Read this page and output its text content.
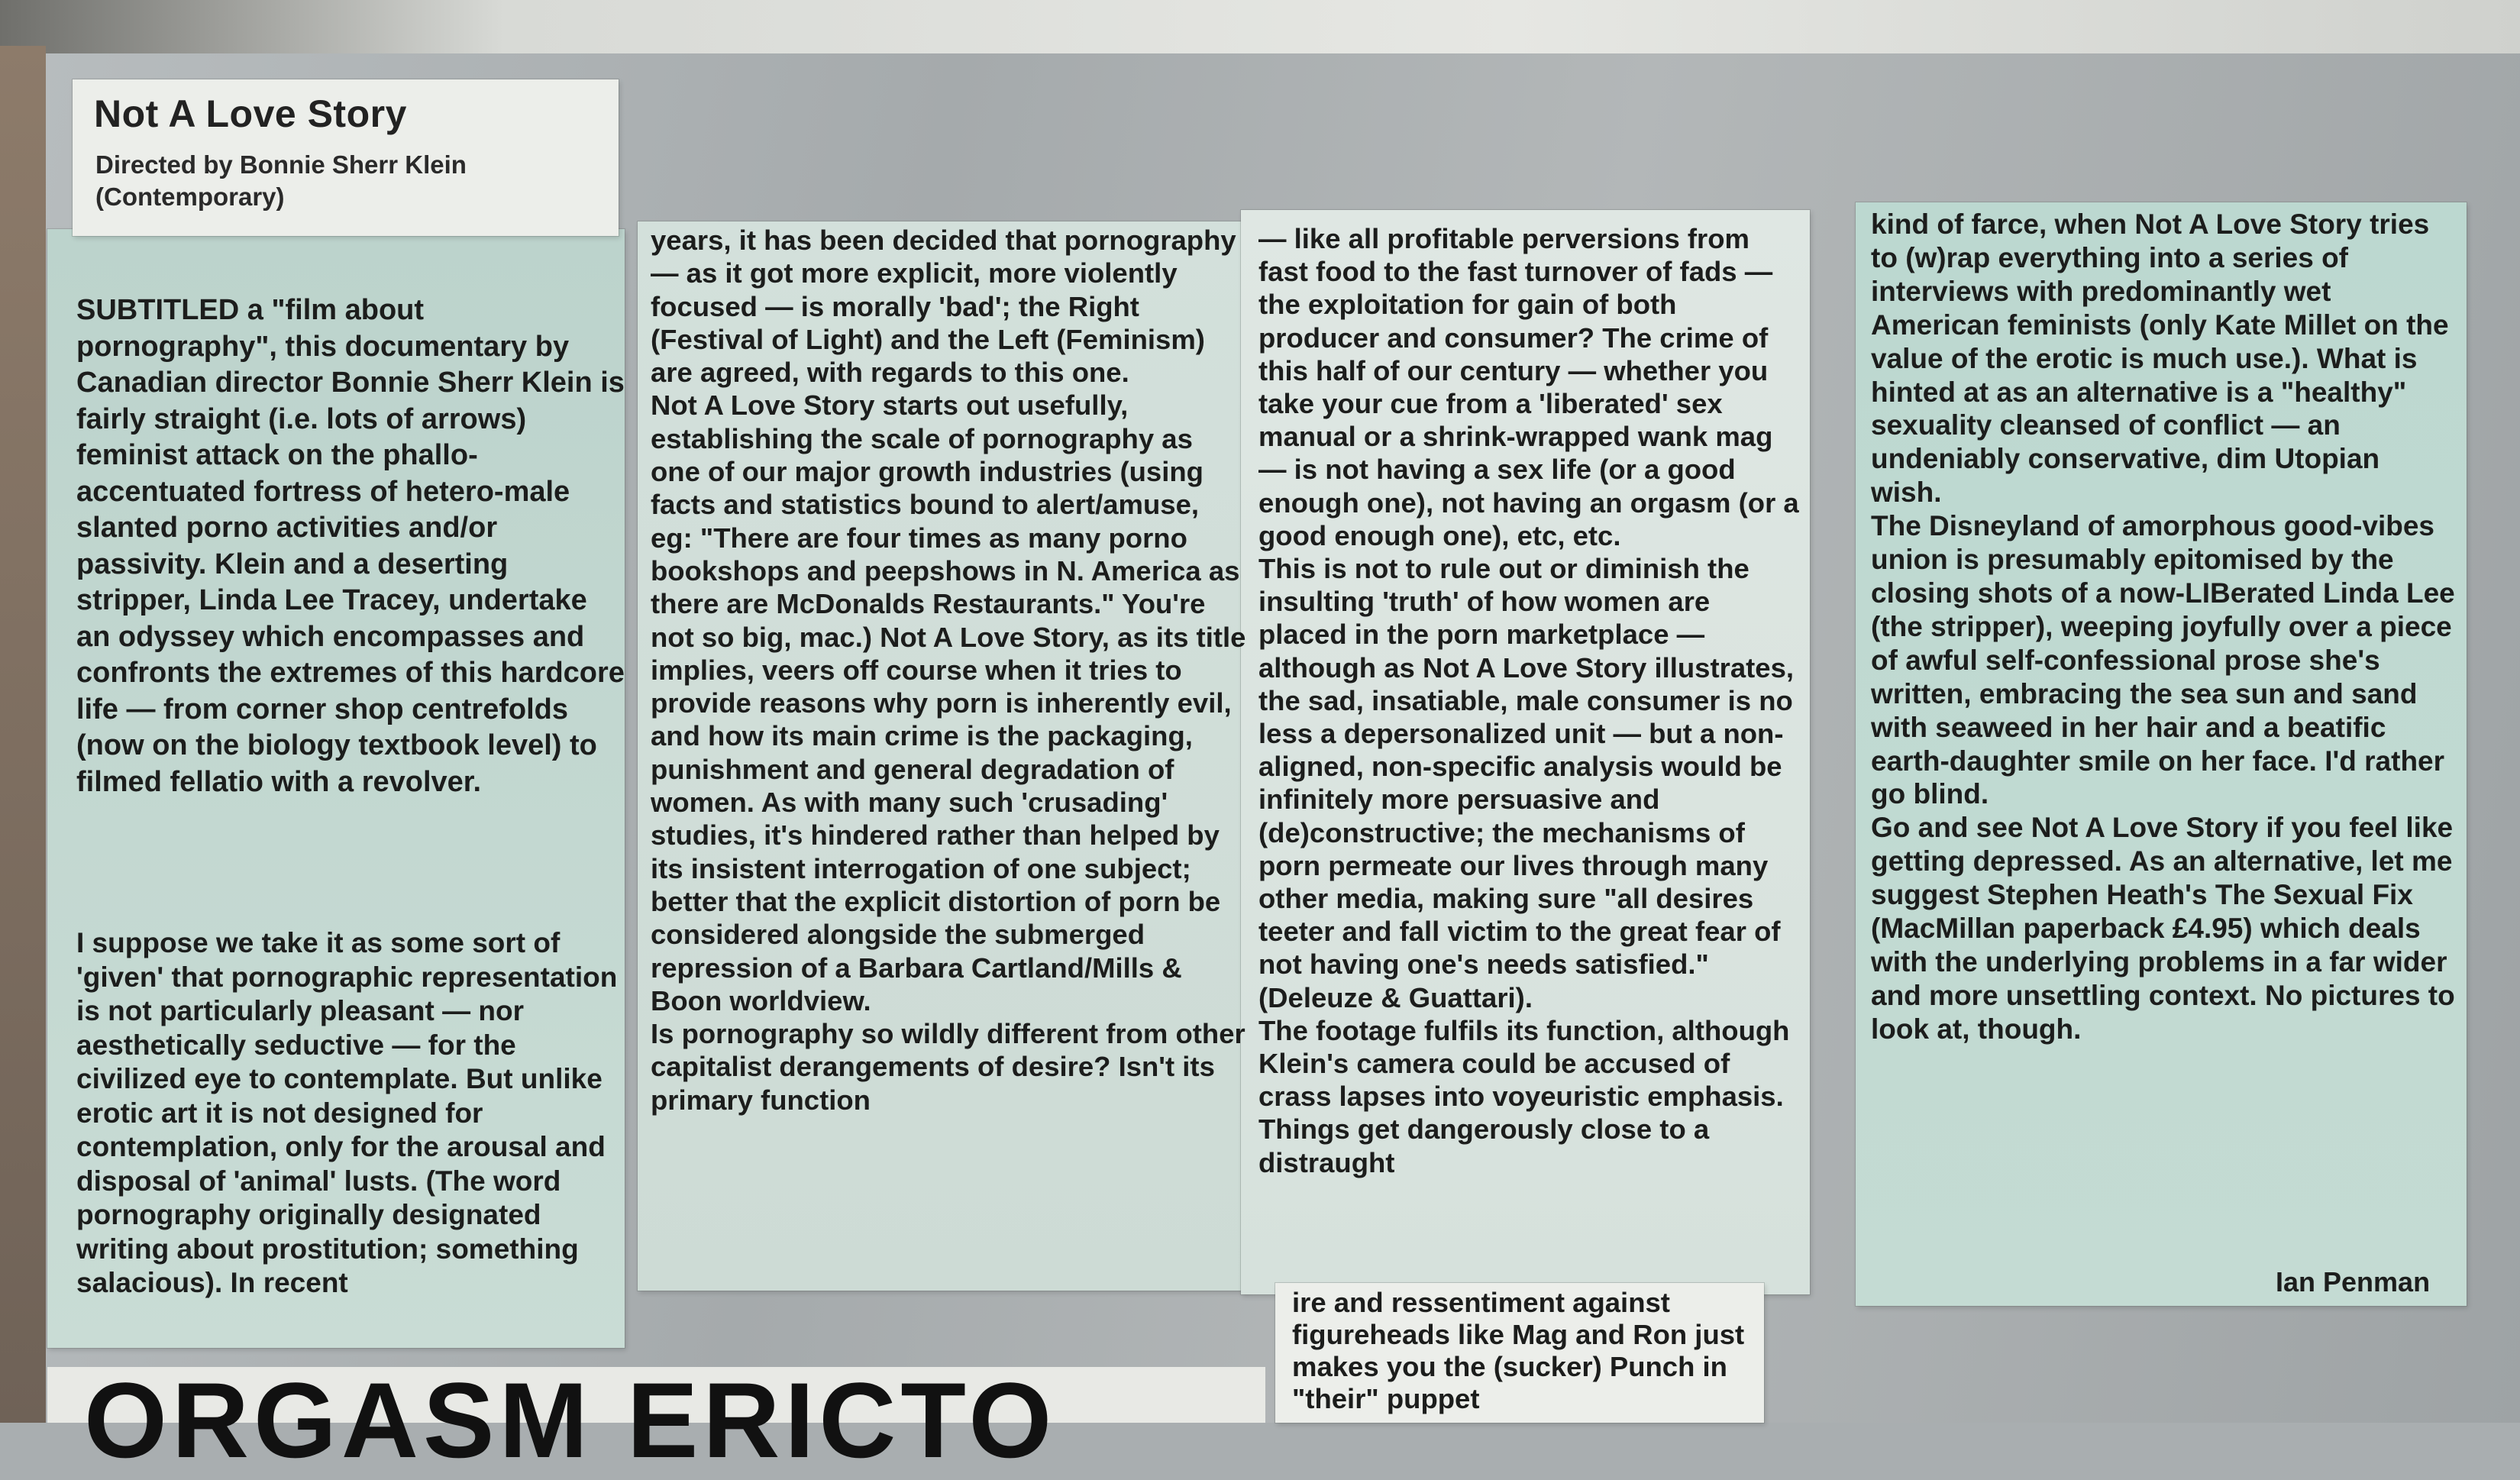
Not A Love Story
Directed by Bonnie Sherr Klein
(Contemporary)

SUBTITLED a "film about pornography", this documentary by Canadian director Bonnie Sherr Klein is fairly straight (i.e. lots of arrows) feminist attack on the phallo-accentuated fortress of hetero-male slanted porno activities and/or passivity. Klein and a deserting stripper, Linda Lee Tracey, undertake an odyssey which encompasses and confronts the extremes of this hardcore life — from corner shop centrefolds (now on the biology textbook level) to filmed fellatio with a revolver.

I suppose we take it as some sort of 'given' that pornographic representation is not particularly pleasant — nor aesthetically seductive — for the civilized eye to contemplate. But unlike erotic art it is not designed for contemplation, only for the arousal and disposal of 'animal' lusts. (The word pornography originally designated writing about prostitution; something salacious). In recent

years, it has been decided that pornography — as it got more explicit, more violently focused — is morally 'bad'; the Right (Festival of Light) and the Left (Feminism) are agreed, with regards to this one.
Not A Love Story starts out usefully, establishing the scale of pornography as one of our major growth industries (using facts and statistics bound to alert/amuse, eg: "There are four times as many porno bookshops and peepshows in N. America as there are McDonalds Restaurants." You're not so big, mac.) Not A Love Story, as its title implies, veers off course when it tries to provide reasons why porn is inherently evil, and how its main crime is the packaging, punishment and general degradation of women. As with many such 'crusading' studies, it's hindered rather than helped by its insistent interrogation of one subject; better that the explicit distortion of porn be considered alongside the submerged repression of a Barbara Cartland/Mills & Boon worldview.
Is pornography so wildly different from other capitalist derangements of desire? Isn't its primary function

— like all profitable perversions from fast food to the fast turnover of fads — the exploitation for gain of both producer and consumer? The crime of this half of our century — whether you take your cue from a 'liberated' sex manual or a shrink-wrapped wank mag — is not having a sex life (or a good enough one), not having an orgasm (or a good enough one), etc, etc.
This is not to rule out or diminish the insulting 'truth' of how women are placed in the porn marketplace — although as Not A Love Story illustrates, the sad, insatiable, male consumer is no less a depersonalized unit — but a non-aligned, non-specific analysis would be infinitely more persuasive and (de)constructive; the mechanisms of porn permeate our lives through many other media, making sure "all desires teeter and fall victim to the great fear of not having one's needs satisfied." (Deleuze & Guattari).
The footage fulfils its function, although Klein's camera could be accused of crass lapses into voyeuristic emphasis. Things get dangerously close to a distraught

ire and ressentiment against figureheads like Mag and Ron just makes you the (sucker) Punch in "their" puppet

kind of farce, when Not A Love Story tries to (w)rap everything into a series of interviews with predominantly wet American feminists (only Kate Millet on the value of the erotic is much use.). What is hinted at as an alternative is a "healthy" sexuality cleansed of conflict — an undeniably conservative, dim Utopian wish.
The Disneyland of amorphous good-vibes union is presumably epitomised by the closing shots of a now-LIBerated Linda Lee (the stripper), weeping joyfully over a piece of awful self-confessional prose she's written, embracing the sea sun and sand with seaweed in her hair and a beatific earth-daughter smile on her face. I'd rather go blind.
Go and see Not A Love Story if you feel like getting depressed. As an alternative, let me suggest Stephen Heath's The Sexual Fix (MacMillan paperback £4.95) which deals with the underlying problems in a far wider and more unsettling context. No pictures to look at, though.

Ian Penman
ORGASM ERICTO
